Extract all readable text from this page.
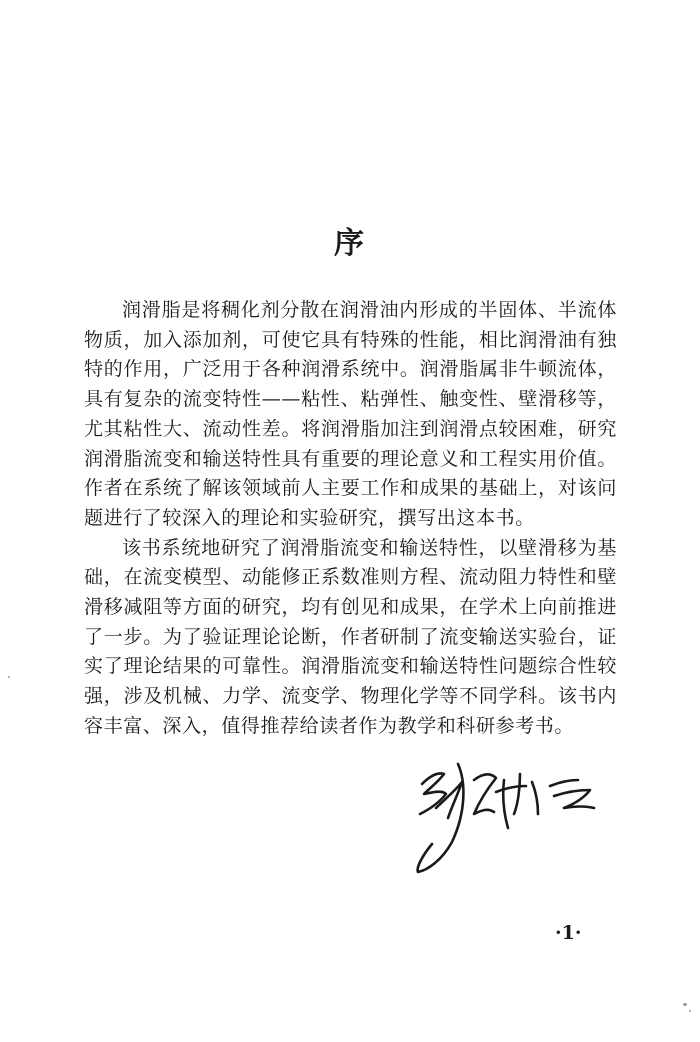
序

润滑脂是将稠化剂分散在润滑油内形成的半固体、半流体物质，加入添加剂，可使它具有特殊的性能，相比润滑油有独特的作用，广泛用于各种润滑系统中。润滑脂属非牛顿流体，具有复杂的流变特性——粘性、粘弹性、触变性、壁滑移等，尤其粘性大、流动性差。将润滑脂加注到润滑点较困难，研究润滑脂流变和输送特性具有重要的理论意义和工程实用价值。作者在系统了解该领域前人主要工作和成果的基础上，对该问题进行了较深入的理论和实验研究，撰写出这本书。

该书系统地研究了润滑脂流变和输送特性，以壁滑移为基础，在流变模型、动能修正系数准则方程、流动阻力特性和壁滑移减阻等方面的研究，均有创见和成果，在学术上向前推进了一步。为了验证理论论断，作者研制了流变输送实验台，证实了理论结果的可靠性。润滑脂流变和输送特性问题综合性较强，涉及机械、力学、流变学、物理化学等不同学科。该书内容丰富、深入，值得推荐给读者作为教学和科研参考书。

·1·
